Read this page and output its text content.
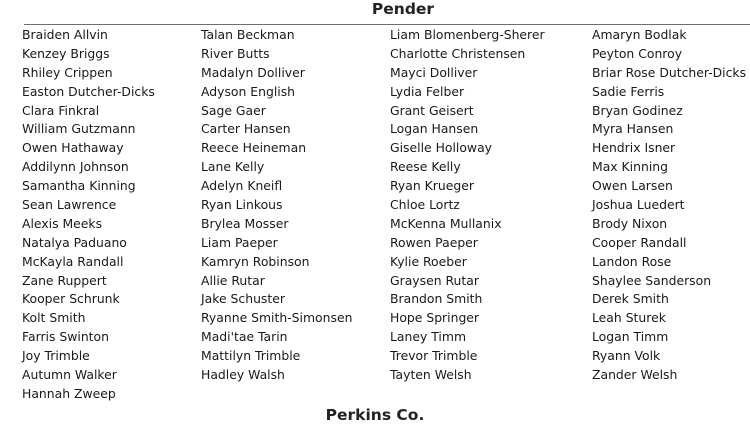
Pender
Braiden Allvin
Kenzey Briggs
Rhiley Crippen
Easton Dutcher-Dicks
Clara Finkral
William Gutzmann
Owen Hathaway
Addilynn Johnson
Samantha Kinning
Sean Lawrence
Alexis Meeks
Natalya Paduano
McKayla Randall
Zane Ruppert
Kooper Schrunk
Kolt Smith
Farris Swinton
Joy Trimble
Autumn Walker
Hannah Zweep
Talan Beckman
River Butts
Madalyn Dolliver
Adyson English
Sage Gaer
Carter Hansen
Reece Heineman
Lane Kelly
Adelyn Kneifl
Ryan Linkous
Brylea Mosser
Liam Paeper
Kamryn Robinson
Allie Rutar
Jake Schuster
Ryanne Smith-Simonsen
Madi'tae Tarin
Mattilyn Trimble
Hadley Walsh
Liam Blomenberg-Sherer
Charlotte Christensen
Mayci Dolliver
Lydia Felber
Grant Geisert
Logan Hansen
Giselle Holloway
Reese Kelly
Ryan Krueger
Chloe Lortz
McKenna Mullanix
Rowen Paeper
Kylie Roeber
Graysen Rutar
Brandon Smith
Hope Springer
Laney Timm
Trevor Trimble
Tayten Welsh
Amaryn Bodlak
Peyton Conroy
Briar Rose Dutcher-Dicks
Sadie Ferris
Bryan Godinez
Myra Hansen
Hendrix Isner
Max Kinning
Owen Larsen
Joshua Luedert
Brody Nixon
Cooper Randall
Landon Rose
Shaylee Sanderson
Derek Smith
Leah Sturek
Logan Timm
Ryann Volk
Zander Welsh
Perkins Co.
